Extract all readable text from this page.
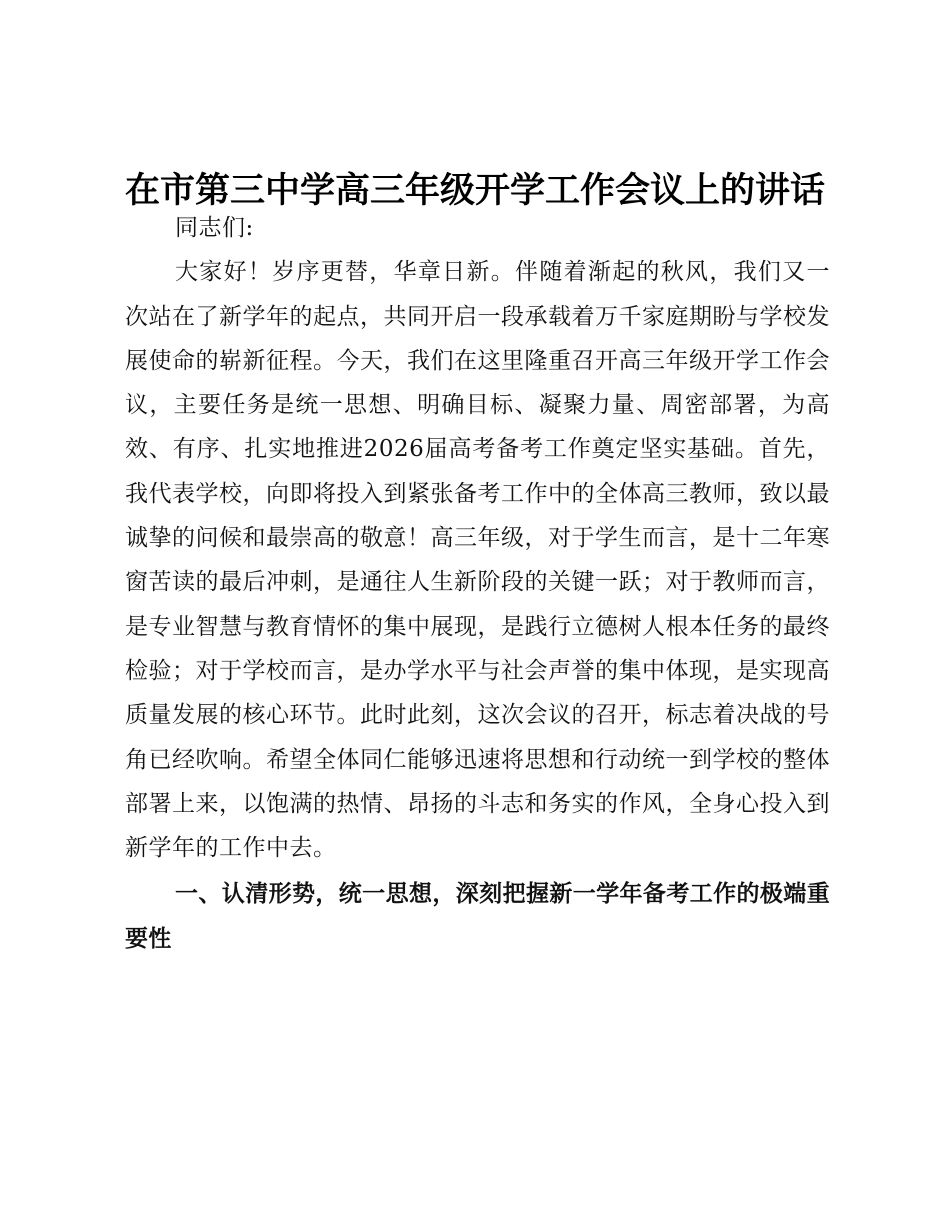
在市第三中学高三年级开学工作会议上的讲话

同志们:

大家好！岁序更替，华章日新。伴随着渐起的秋风，我们又一次站在了新学年的起点，共同开启一段承载着万千家庭期盼与学校发展使命的崭新征程。今天，我们在这里隆重召开高三年级开学工作会议，主要任务是统一思想、明确目标、凝聚力量、周密部署，为高效、有序、扎实地推进2026届高考备考工作奠定坚实基础。首先，我代表学校，向即将投入到紧张备考工作中的全体高三教师，致以最诚挚的问候和最崇高的敬意！高三年级，对于学生而言，是十二年寒窗苦读的最后冲刺，是通往人生新阶段的关键一跃；对于教师而言，是专业智慧与教育情怀的集中展现，是践行立德树人根本任务的最终检验；对于学校而言，是办学水平与社会声誉的集中体现，是实现高质量发展的核心环节。此时此刻，这次会议的召开，标志着决战的号角已经吹响。希望全体同仁能够迅速将思想和行动统一到学校的整体部署上来，以饱满的热情、昂扬的斗志和务实的作风，全身心投入到新学年的工作中去。

一、认清形势，统一思想，深刻把握新一学年备考工作的极端重要性
